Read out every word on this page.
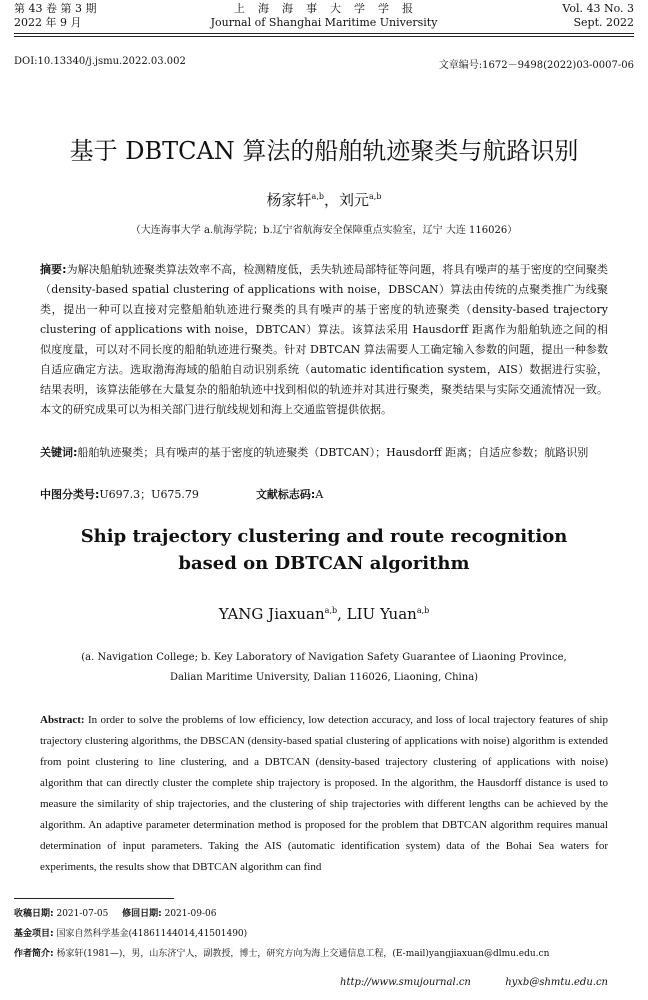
第 43 卷 第 3 期
2022 年 9 月
上　海　海　事　大　学　学　报
Journal of Shanghai Maritime University
Vol. 43 No. 3
Sept. 2022
DOI:10.13340/j.jsmu.2022.03.002	文章编号:1672－9498(2022)03-0007-06
基于 DBTCAN 算法的船舶轨迹聚类与航路识别
杨家轩$^{a,b}$，刘元$^{a,b}$
（大连海事大学 a.航海学院；b.辽宁省航海安全保障重点实验室，辽宁 大连 116026）
摘要:为解决船舶轨迹聚类算法效率不高，检测精度低，丢失轨迹局部特征等问题，将具有噪声的基于密度的空间聚类（density-based spatial clustering of applications with noise，DBSCAN）算法由传统的点聚类推广为线聚类，提出一种可以直接对完整船舶轨迹进行聚类的具有噪声的基于密度的轨迹聚类（density-based trajectory clustering of applications with noise，DBTCAN）算法。该算法采用 Hausdorff 距离作为船舶轨迹之间的相似度度量，可以对不同长度的船舶轨迹进行聚类。针对 DBTCAN 算法需要人工确定输入参数的问题，提出一种参数自适应确定方法。选取渤海海域的船舶自动识别系统（automatic identification system，AIS）数据进行实验，结果表明，该算法能够在大量复杂的船舶轨迹中找到相似的轨迹并对其进行聚类，聚类结果与实际交通流情况一致。本文的研究成果可以为相关部门进行航线规划和海上交通监管提供依据。
关键词:船舶轨迹聚类；具有噪声的基于密度的轨迹聚类（DBTCAN）；Hausdorff 距离；自适应参数；航路识别
中图分类号:U697.3；U675.79	文献标志码:A
Ship trajectory clustering and route recognition
based on DBTCAN algorithm
YANG Jiaxuan$^{a,b}$, LIU Yuan$^{a,b}$
(a. Navigation College; b. Key Laboratory of Navigation Safety Guarantee of Liaoning Province,
Dalian Maritime University, Dalian 116026, Liaoning, China)
Abstract: In order to solve the problems of low efficiency, low detection accuracy, and loss of local trajectory features of ship trajectory clustering algorithms, the DBSCAN (density-based spatial clustering of applications with noise) algorithm is extended from point clustering to line clustering, and a DBTCAN (density-based trajectory clustering of applications with noise) algorithm that can directly cluster the complete ship trajectory is proposed. In the algorithm, the Hausdorff distance is used to measure the similarity of ship trajectories, and the clustering of ship trajectories with different lengths can be achieved by the algorithm. An adaptive parameter determination method is proposed for the problem that DBTCAN algorithm requires manual determination of input parameters. Taking the AIS (automatic identification system) data of the Bohai Sea waters for experiments, the results show that DBTCAN algorithm can find
收稿日期: 2021-07-05 修回日期: 2021-09-06
基金项目: 国家自然科学基金(41861144014,41501490)
作者简介: 杨家轩(1981—)，男，山东济宁人，副教授，博士，研究方向为海上交通信息工程，(E-mail)yangjiaxuan@dlmu.edu.cn
http://www.smujournal.cn	hyxb@shmtu.edu.cn
